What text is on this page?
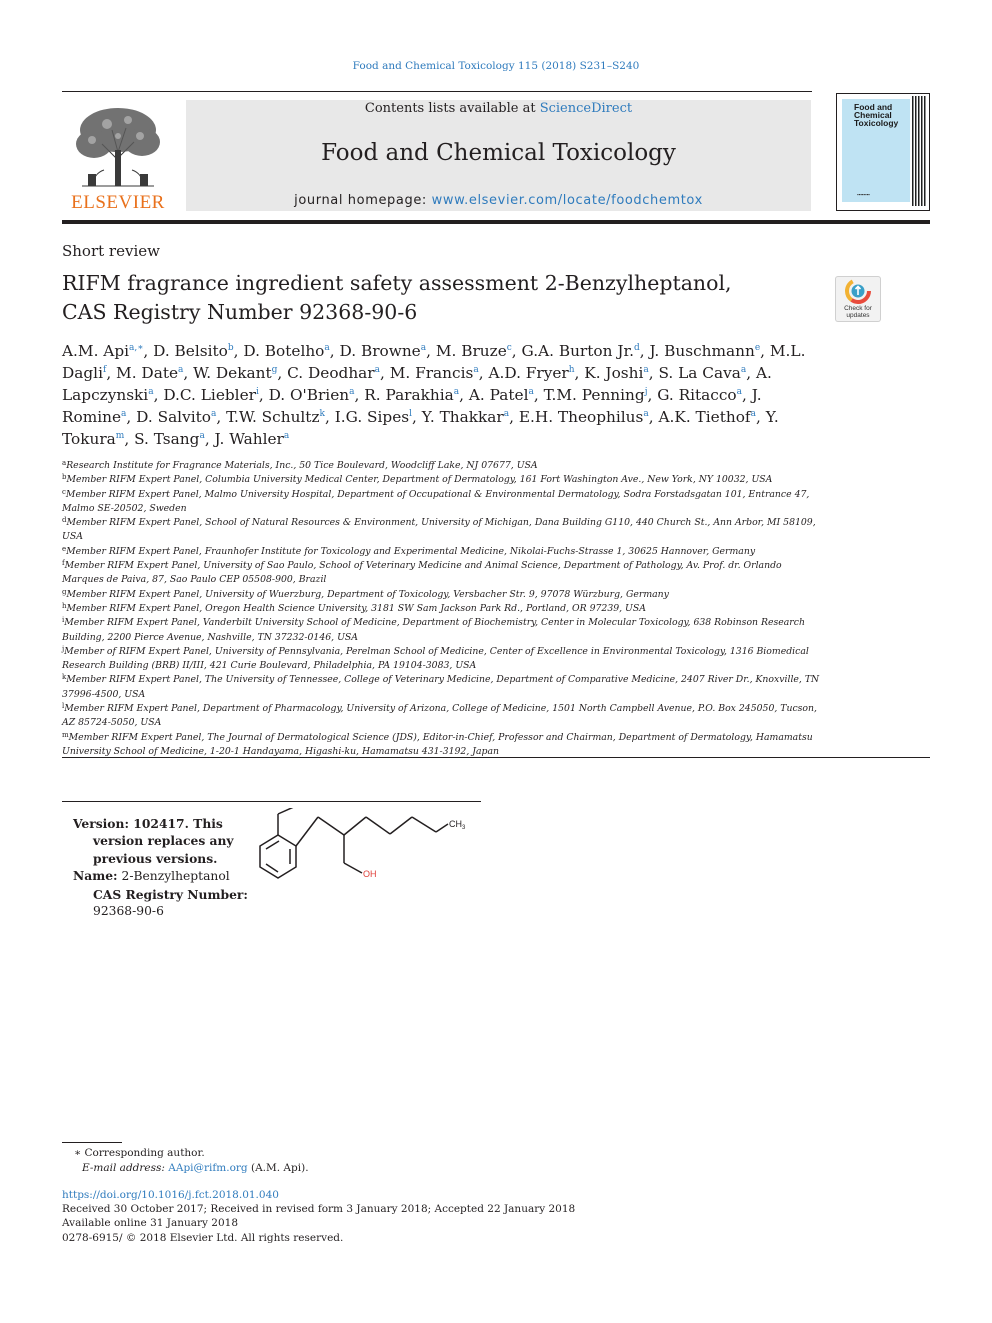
Food and Chemical Toxicology 115 (2018) S231–S240
ELSEVIER
Contents lists available at ScienceDirect
Food and Chemical Toxicology
journal homepage: www.elsevier.com/locate/foodchemtox
Food and Chemical Toxicology
▪▪▪▪▪▪▪▪
Short review
RIFM fragrance ingredient safety assessment 2-Benzylheptanol, CAS Registry Number 92368-90-6	Check for updates
A.M. Api$^{a,∗}$, D. Belsito$^b$, D. Botelho$^a$, D. Browne$^a$, M. Bruze$^c$, G.A. Burton Jr.$^d$, J. Buschmann$^e$, M.L. Dagli$^f$, M. Date$^a$, W. Dekant$^g$, C. Deodhar$^a$, M. Francis$^a$, A.D. Fryer$^h$, K. Joshi$^a$, S. La Cava$^a$, A. Lapczynski$^a$, D.C. Liebler$^i$, D. O'Brien$^a$, R. Parakhia$^a$, A. Patel$^a$, T.M. Penning$^j$, G. Ritacco$^a$, J. Romine$^a$, D. Salvito$^a$, T.W. Schultz$^k$, I.G. Sipes$^l$, Y. Thakkar$^a$, E.H. Theophilus$^a$, A.K. Tiethof$^a$, Y. Tokura$^m$, S. Tsang$^a$, J. Wahler$^a$
$^a$Research Institute for Fragrance Materials, Inc., 50 Tice Boulevard, Woodcliff Lake, NJ 07677, USA
$^b$Member RIFM Expert Panel, Columbia University Medical Center, Department of Dermatology, 161 Fort Washington Ave., New York, NY 10032, USA
$^c$Member RIFM Expert Panel, Malmo University Hospital, Department of Occupational & Environmental Dermatology, Sodra Forstadsgatan 101, Entrance 47, Malmo SE-20502, Sweden
$^d$Member RIFM Expert Panel, School of Natural Resources & Environment, University of Michigan, Dana Building G110, 440 Church St., Ann Arbor, MI 58109, USA
$^e$Member RIFM Expert Panel, Fraunhofer Institute for Toxicology and Experimental Medicine, Nikolai-Fuchs-Strasse 1, 30625 Hannover, Germany
$^f$Member RIFM Expert Panel, University of Sao Paulo, School of Veterinary Medicine and Animal Science, Department of Pathology, Av. Prof. dr. Orlando Marques de Paiva, 87, Sao Paulo CEP 05508-900, Brazil
$^g$Member RIFM Expert Panel, University of Wuerzburg, Department of Toxicology, Versbacher Str. 9, 97078 Würzburg, Germany
$^h$Member RIFM Expert Panel, Oregon Health Science University, 3181 SW Sam Jackson Park Rd., Portland, OR 97239, USA
$^i$Member RIFM Expert Panel, Vanderbilt University School of Medicine, Department of Biochemistry, Center in Molecular Toxicology, 638 Robinson Research Building, 2200 Pierce Avenue, Nashville, TN 37232-0146, USA
$^j$Member of RIFM Expert Panel, University of Pennsylvania, Perelman School of Medicine, Center of Excellence in Environmental Toxicology, 1316 Biomedical Research Building (BRB) II/III, 421 Curie Boulevard, Philadelphia, PA 19104-3083, USA
$^k$Member RIFM Expert Panel, The University of Tennessee, College of Veterinary Medicine, Department of Comparative Medicine, 2407 River Dr., Knoxville, TN 37996-4500, USA
$^l$Member RIFM Expert Panel, Department of Pharmacology, University of Arizona, College of Medicine, 1501 North Campbell Avenue, P.O. Box 245050, Tucson, AZ 85724-5050, USA
$^m$Member RIFM Expert Panel, The Journal of Dermatological Science (JDS), Editor-in-Chief, Professor and Chairman, Department of Dermatology, Hamamatsu University School of Medicine, 1-20-1 Handayama, Higashi-ku, Hamamatsu 431-3192, Japan
Version: 102417. This version replaces any previous versions.
Name: 2-Benzylheptanol
CAS Registry Number:
92368-90-6
$CH_3$
OH
∗ Corresponding author.
E-mail address: AApi@rifm.org (A.M. Api).
https://doi.org/10.1016/j.fct.2018.01.040
Received 30 October 2017; Received in revised form 3 January 2018; Accepted 22 January 2018
Available online 31 January 2018
0278-6915/ © 2018 Elsevier Ltd. All rights reserved.
